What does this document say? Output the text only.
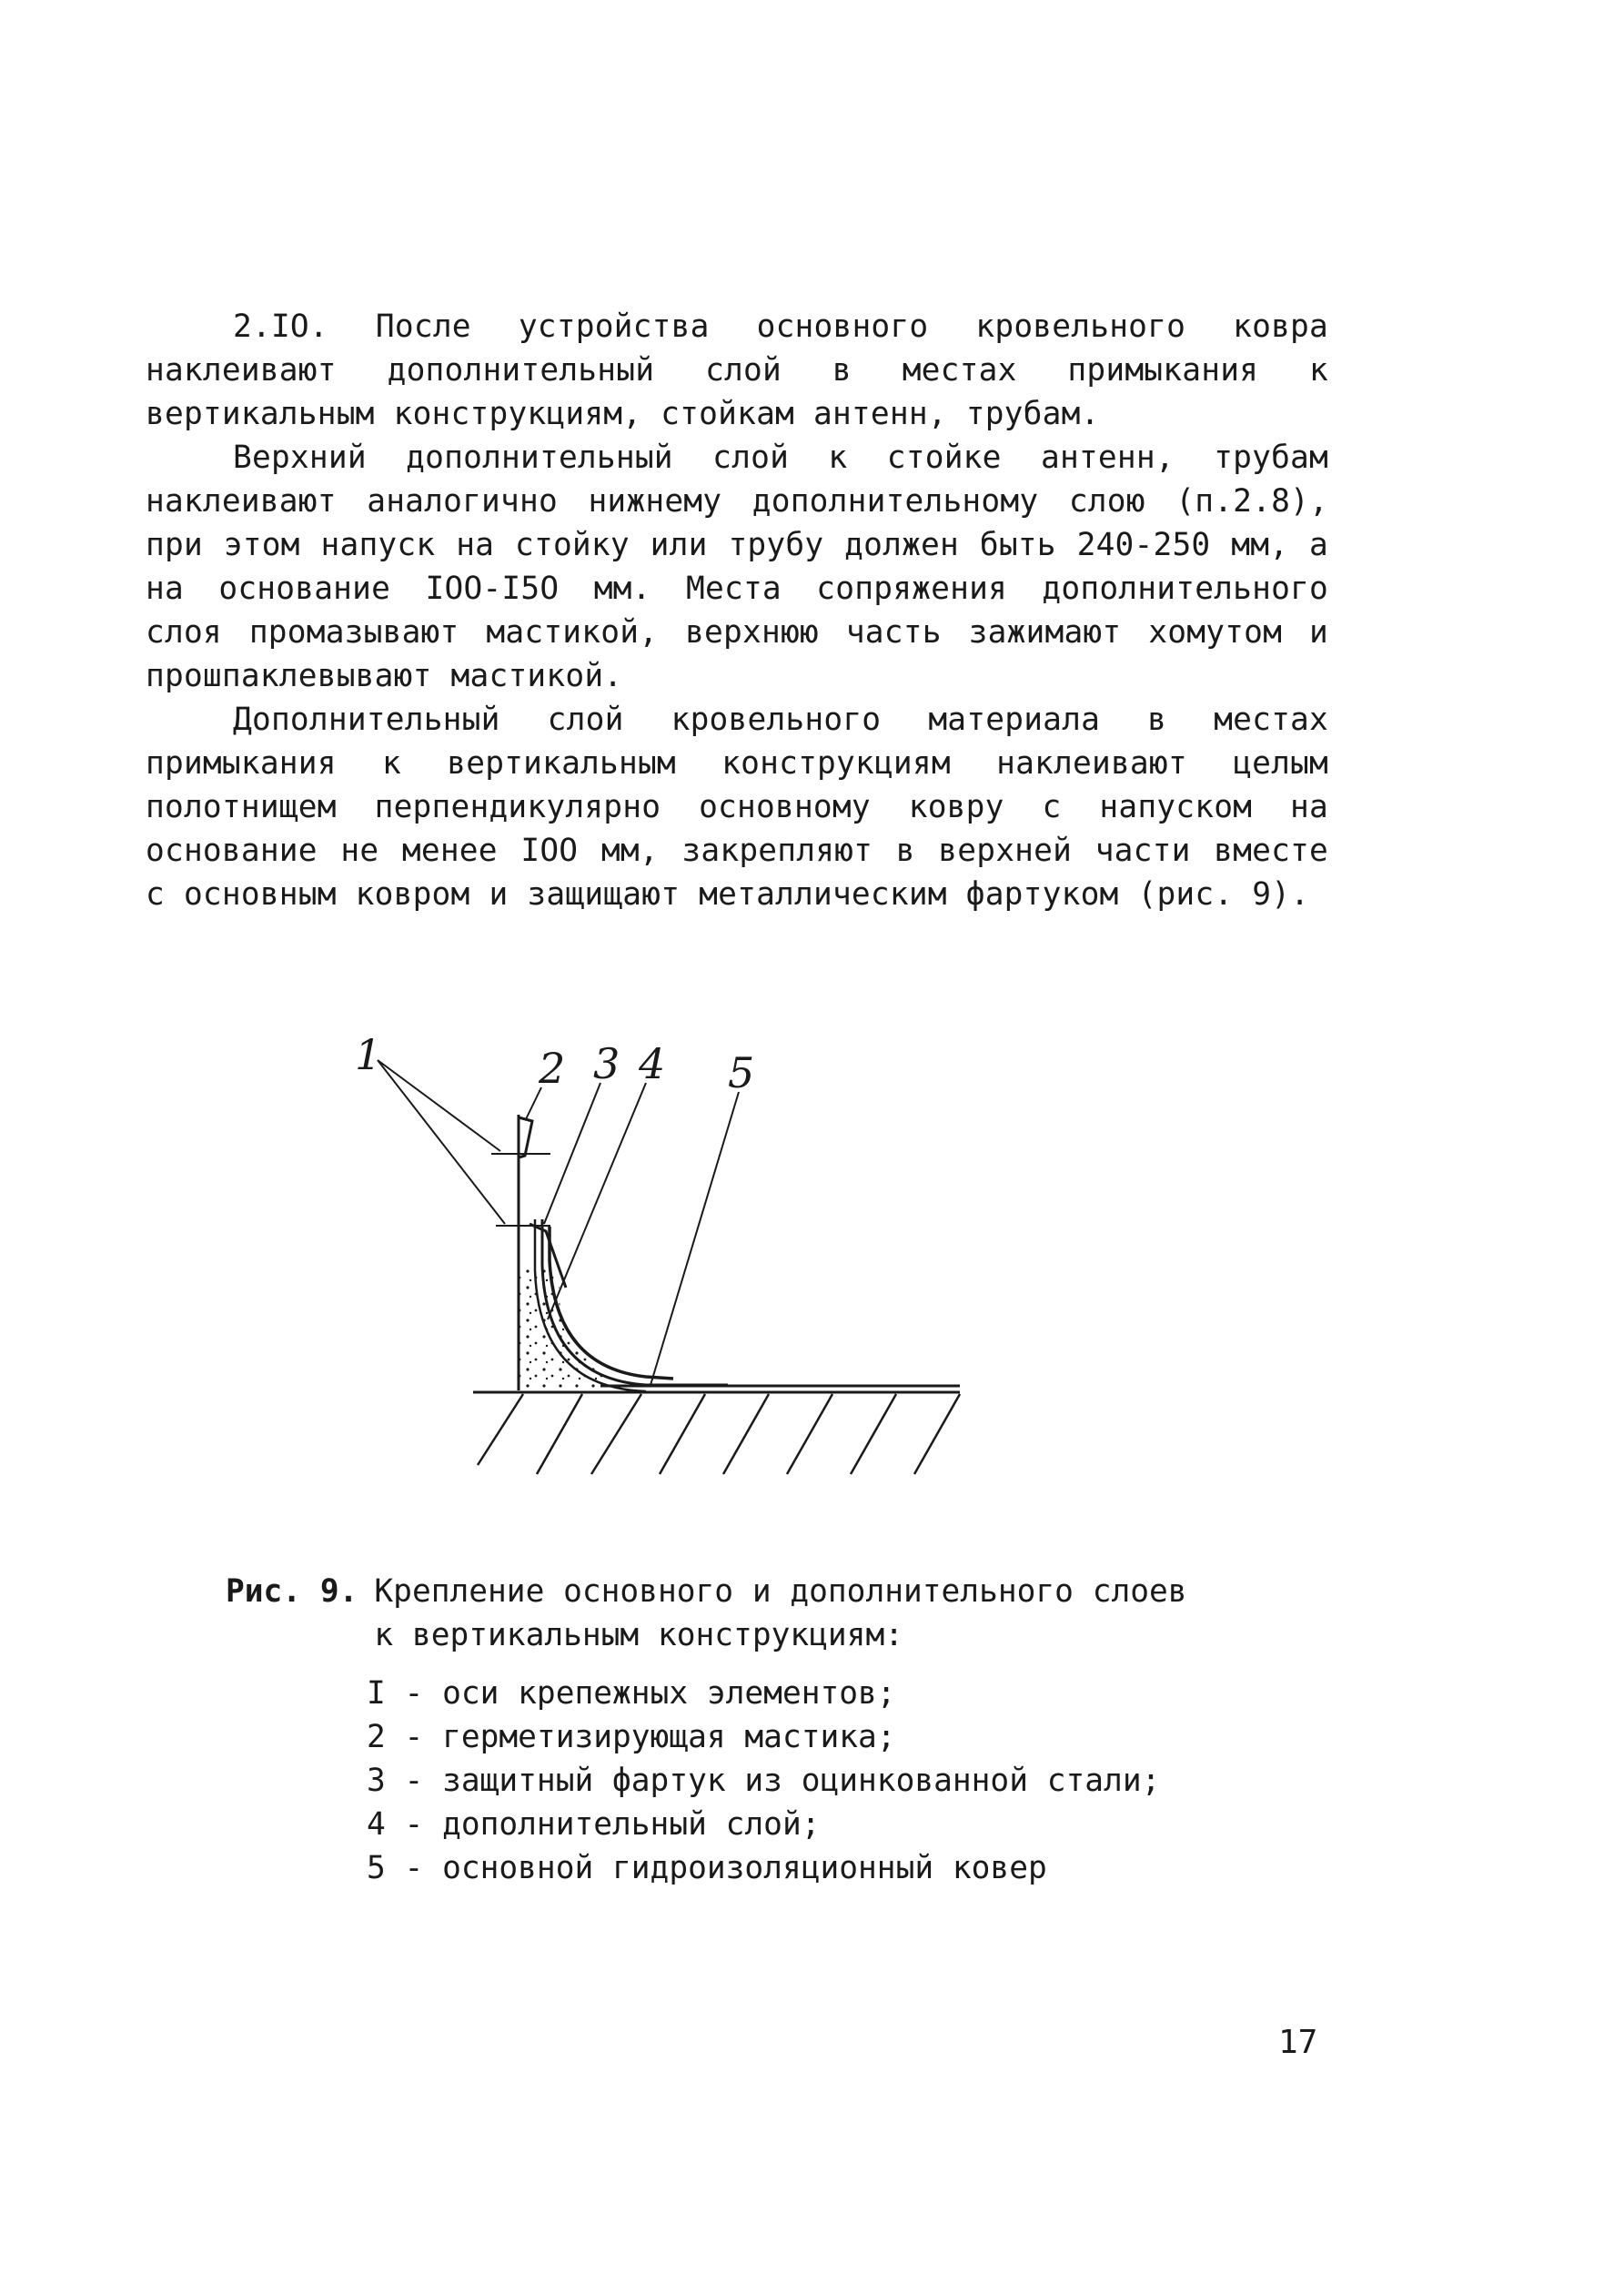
2.IO. После устройства основного кровельного ковра наклеивают дополнительный слой в местах примыкания к вертикальным конструкциям, стойкам антенн, трубам.

Верхний дополнительный слой к стойке антенн, трубам наклеивают аналогично нижнему дополнительному слою (п.2.8), при этом напуск на стойку или трубу должен быть 240-250 мм, а на основание IOO-I5O мм. Места сопряжения дополнительного слоя промазывают мастикой, верхнюю часть зажимают хомутом и прошпаклевывают мастикой.

Дополнительный слой кровельного материала в местах примыкания к вертикальным конструкциям наклеивают целым полотнищем перпендикулярно основному ковру с напуском на основание не менее IOO мм, закрепляют в верхней части вместе с основным ковром и защищают металлическим фартуком (рис. 9).

1	2 3 4 5
Рис. 9. Крепление основного и дополнительного слоев
к вертикальным конструкциям:
I - оси крепежных элементов;
2 - герметизирующая мастика;
3 - защитный фартук из оцинкованной стали;
4 - дополнительный слой;
5 - основной гидроизоляционный ковер
17
